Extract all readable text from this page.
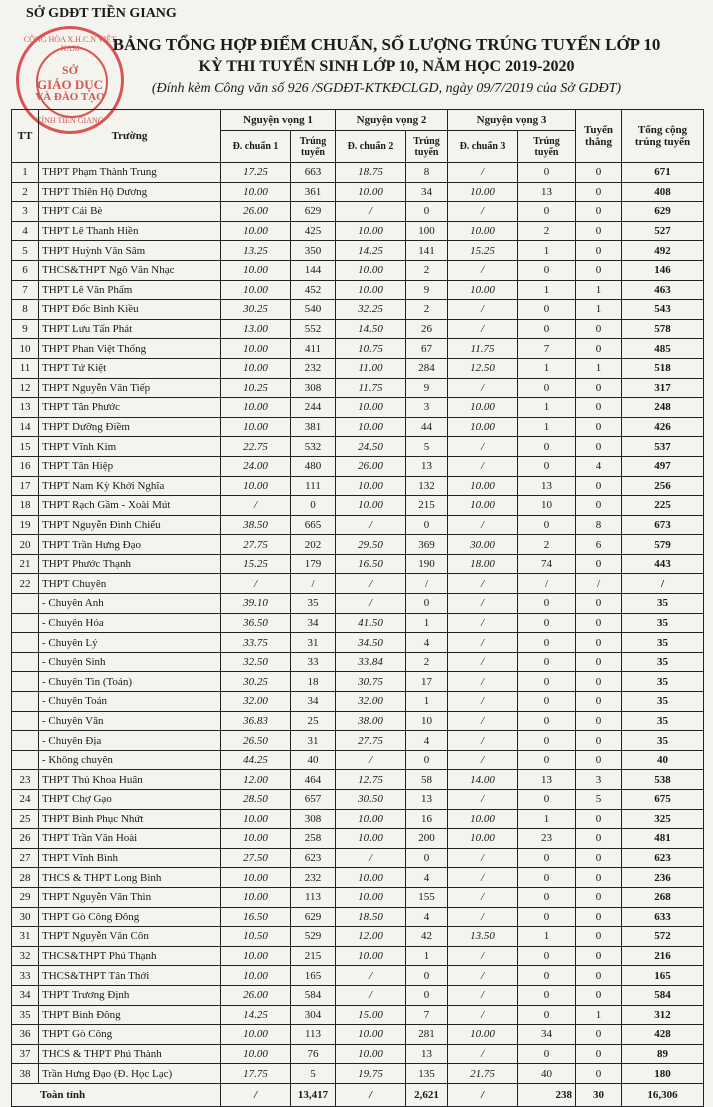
SỞ GDĐT TIỀN GIANG
CỘNG HÒA X.H.C.N VIỆT NAM
SỞ
GIÁO DỤC
VÀ ĐÀO TẠO
TỈNH TIỀN GIANG
BẢNG TỔNG HỢP ĐIỂM CHUẨN, SỐ LƯỢNG TRÚNG TUYỂN LỚP 10
KỲ THI TUYỂN SINH LỚP 10, NĂM HỌC 2019-2020
(Đính kèm Công văn số 926 /SGDĐT-KTKĐCLGD, ngày 09/7/2019 của Sở GDĐT)
TT	Trường	Nguyện vọng 1		Nguyện vọng 2		Nguyện vọng 3		Tuyển thẳng	Tổng cộng trúng tuyển
		Đ. chuẩn 1	Trúng tuyển	Đ. chuẩn 2	Trúng tuyển	Đ. chuẩn 3	Trúng tuyển		
1	THPT Phạm Thành Trung	17.25	663	18.75	8	/	0	0	671
2	THPT Thiên Hộ Dương	10.00	361	10.00	34	10.00	13	0	408
3	THPT Cái Bè	26.00	629	/	0	/	0	0	629
4	THPT Lê Thanh Hiền	10.00	425	10.00	100	10.00	2	0	527
5	THPT Huỳnh Văn Sâm	13.25	350	14.25	141	15.25	1	0	492
6	THCS&THPT Ngô Văn Nhạc	10.00	144	10.00	2	/	0	0	146
7	THPT Lê Văn Phẩm	10.00	452	10.00	9	10.00	1	1	463
8	THPT Đốc Binh Kiều	30.25	540	32.25	2	/	0	1	543
9	THPT Lưu Tấn Phát	13.00	552	14.50	26	/	0	0	578
10	THPT Phan Việt Thống	10.00	411	10.75	67	11.75	7	0	485
11	THPT Tứ Kiệt	10.00	232	11.00	284	12.50	1	1	518
12	THPT Nguyễn Văn Tiếp	10.25	308	11.75	9	/	0	0	317
13	THPT Tân Phước	10.00	244	10.00	3	10.00	1	0	248
14	THPT Dưỡng Điềm	10.00	381	10.00	44	10.00	1	0	426
15	THPT Vĩnh Kim	22.75	532	24.50	5	/	0	0	537
16	THPT Tân Hiệp	24.00	480	26.00	13	/	0	4	497
17	THPT Nam Kỳ Khởi Nghĩa	10.00	111	10.00	132	10.00	13	0	256
18	THPT Rạch Gầm - Xoài Mút	/	0	10.00	215	10.00	10	0	225
19	THPT Nguyễn Đình Chiểu	38.50	665	/	0	/	0	8	673
20	THPT Trần Hưng Đạo	27.75	202	29.50	369	30.00	2	6	579
21	THPT Phước Thạnh	15.25	179	16.50	190	18.00	74	0	443
22	THPT Chuyên	/	/	/	/	/	/	/	/
	- Chuyên Anh	39.10	35	/	0	/	0	0	35
	- Chuyên Hóa	36.50	34	41.50	1	/	0	0	35
	- Chuyên Lý	33.75	31	34.50	4	/	0	0	35
	- Chuyên Sinh	32.50	33	33.84	2	/	0	0	35
	- Chuyên Tin (Toán)	30.25	18	30.75	17	/	0	0	35
	- Chuyên Toán	32.00	34	32.00	1	/	0	0	35
	- Chuyên Văn	36.83	25	38.00	10	/	0	0	35
	- Chuyên Địa	26.50	31	27.75	4	/	0	0	35
	- Không chuyên	44.25	40	/	0	/	0	0	40
23	THPT Thủ Khoa Huân	12.00	464	12.75	58	14.00	13	3	538
24	THPT Chợ Gạo	28.50	657	30.50	13	/	0	5	675
25	THPT Bình Phục Nhứt	10.00	308	10.00	16	10.00	1	0	325
26	THPT Trần Văn Hoài	10.00	258	10.00	200	10.00	23	0	481
27	THPT Vĩnh Bình	27.50	623	/	0	/	0	0	623
28	THCS & THPT Long Bình	10.00	232	10.00	4	/	0	0	236
29	THPT Nguyễn Văn Thìn	10.00	113	10.00	155	/	0	0	268
30	THPT Gò Công Đông	16.50	629	18.50	4	/	0	0	633
31	THPT Nguyễn Văn Côn	10.50	529	12.00	42	13.50	1	0	572
32	THCS&THPT Phú Thạnh	10.00	215	10.00	1	/	0	0	216
33	THCS&THPT Tân Thới	10.00	165	/	0	/	0	0	165
34	THPT Trương Định	26.00	584	/	0	/	0	0	584
35	THPT Bình Đông	14.25	304	15.00	7	/	0	1	312
36	THPT Gò Công	10.00	113	10.00	281	10.00	34	0	428
37	THCS & THPT Phú Thành	10.00	76	10.00	13	/	0	0	89
38	Trần Hưng Đạo (Đ. Học Lạc)	17.75	5	19.75	135	21.75	40	0	180
Toàn tỉnh		/	13,417	/	2,621	/	238	30	16,306
